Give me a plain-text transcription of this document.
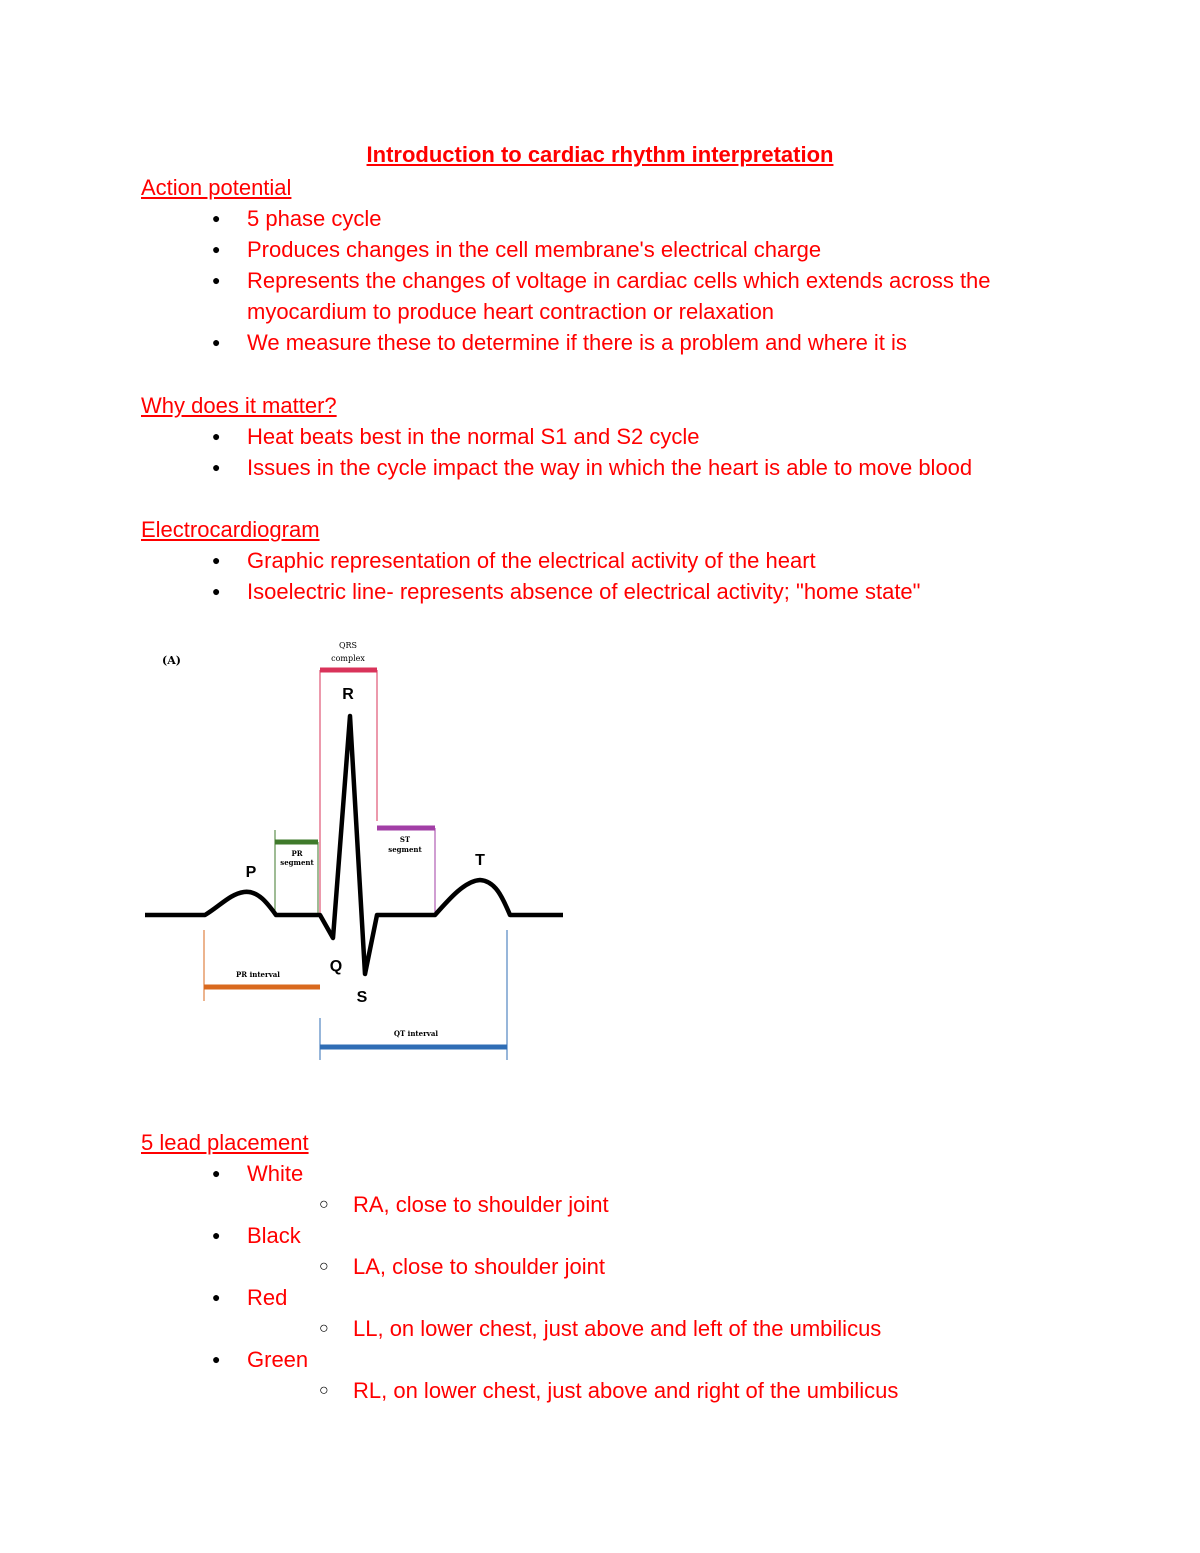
Introduction to cardiac rhythm interpretation
Action potential
● 5 phase cycle
● Produces changes in the cell membrane's electrical charge
● Represents the changes of voltage in cardiac cells which extends across the myocardium to produce heart contraction or relaxation
● We measure these to determine if there is a problem and where it is
Why does it matter?
● Heat beats best in the normal S1 and S2 cycle
● Issues in the cycle impact the way in which the heart is able to move blood
Electrocardiogram
● Graphic representation of the electrical activity of the heart
● Isoelectric line- represents absence of electrical activity; "home state"
(A)
QRS
complex
PR
segment
ST
segment
P
R
T
Q
S
PR interval
QT interval
5 lead placement
● White
○ RA, close to shoulder joint
● Black
○ LA, close to shoulder joint
● Red
○ LL, on lower chest, just above and left of the umbilicus
● Green
○ RL, on lower chest, just above and right of the umbilicus
